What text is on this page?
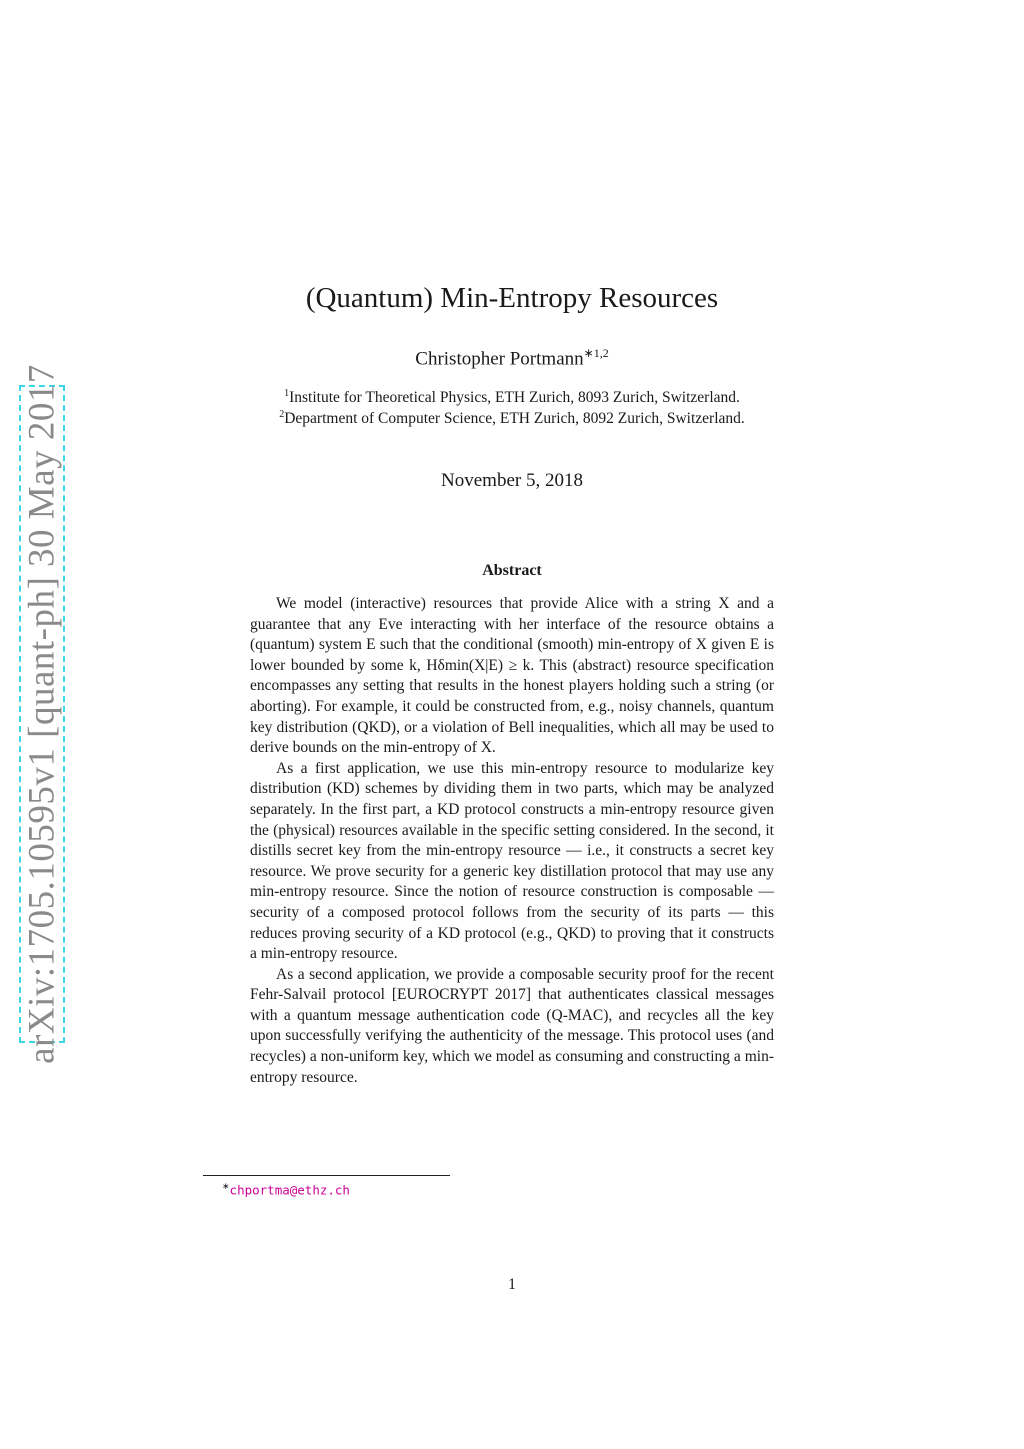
arXiv:1705.10595v1 [quant-ph] 30 May 2017
(Quantum) Min-Entropy Resources
Christopher Portmann$^{∗1,2}$
$^1$Institute for Theoretical Physics, ETH Zurich, 8093 Zurich, Switzerland.
$^2$Department of Computer Science, ETH Zurich, 8092 Zurich, Switzerland.
November 5, 2018
Abstract

We model (interactive) resources that provide Alice with a string X and a guarantee that any Eve interacting with her interface of the resource obtains a (quantum) system E such that the conditional (smooth) min-entropy of X given E is lower bounded by some k, Hδmin(X|E) ≥ k. This (abstract) resource specification encompasses any setting that results in the honest players holding such a string (or aborting). For example, it could be constructed from, e.g., noisy channels, quantum key distribution (QKD), or a violation of Bell inequalities, which all may be used to derive bounds on the min-entropy of X.

As a first application, we use this min-entropy resource to modularize key distribution (KD) schemes by dividing them in two parts, which may be analyzed separately. In the first part, a KD protocol constructs a min-entropy resource given the (physical) resources available in the specific setting considered. In the second, it distills secret key from the min-entropy resource — i.e., it constructs a secret key resource. We prove security for a generic key distillation protocol that may use any min-entropy resource. Since the notion of resource construction is composable — security of a composed protocol follows from the security of its parts — this reduces proving security of a KD protocol (e.g., QKD) to proving that it constructs a min-entropy resource.

As a second application, we provide a composable security proof for the recent Fehr-Salvail protocol [EUROCRYPT 2017] that authenticates classical messages with a quantum message authentication code (Q-MAC), and recycles all the key upon successfully verifying the authenticity of the message. This protocol uses (and recycles) a non-uniform key, which we model as consuming and constructing a min-entropy resource.

∗chportma@ethz.ch
1
